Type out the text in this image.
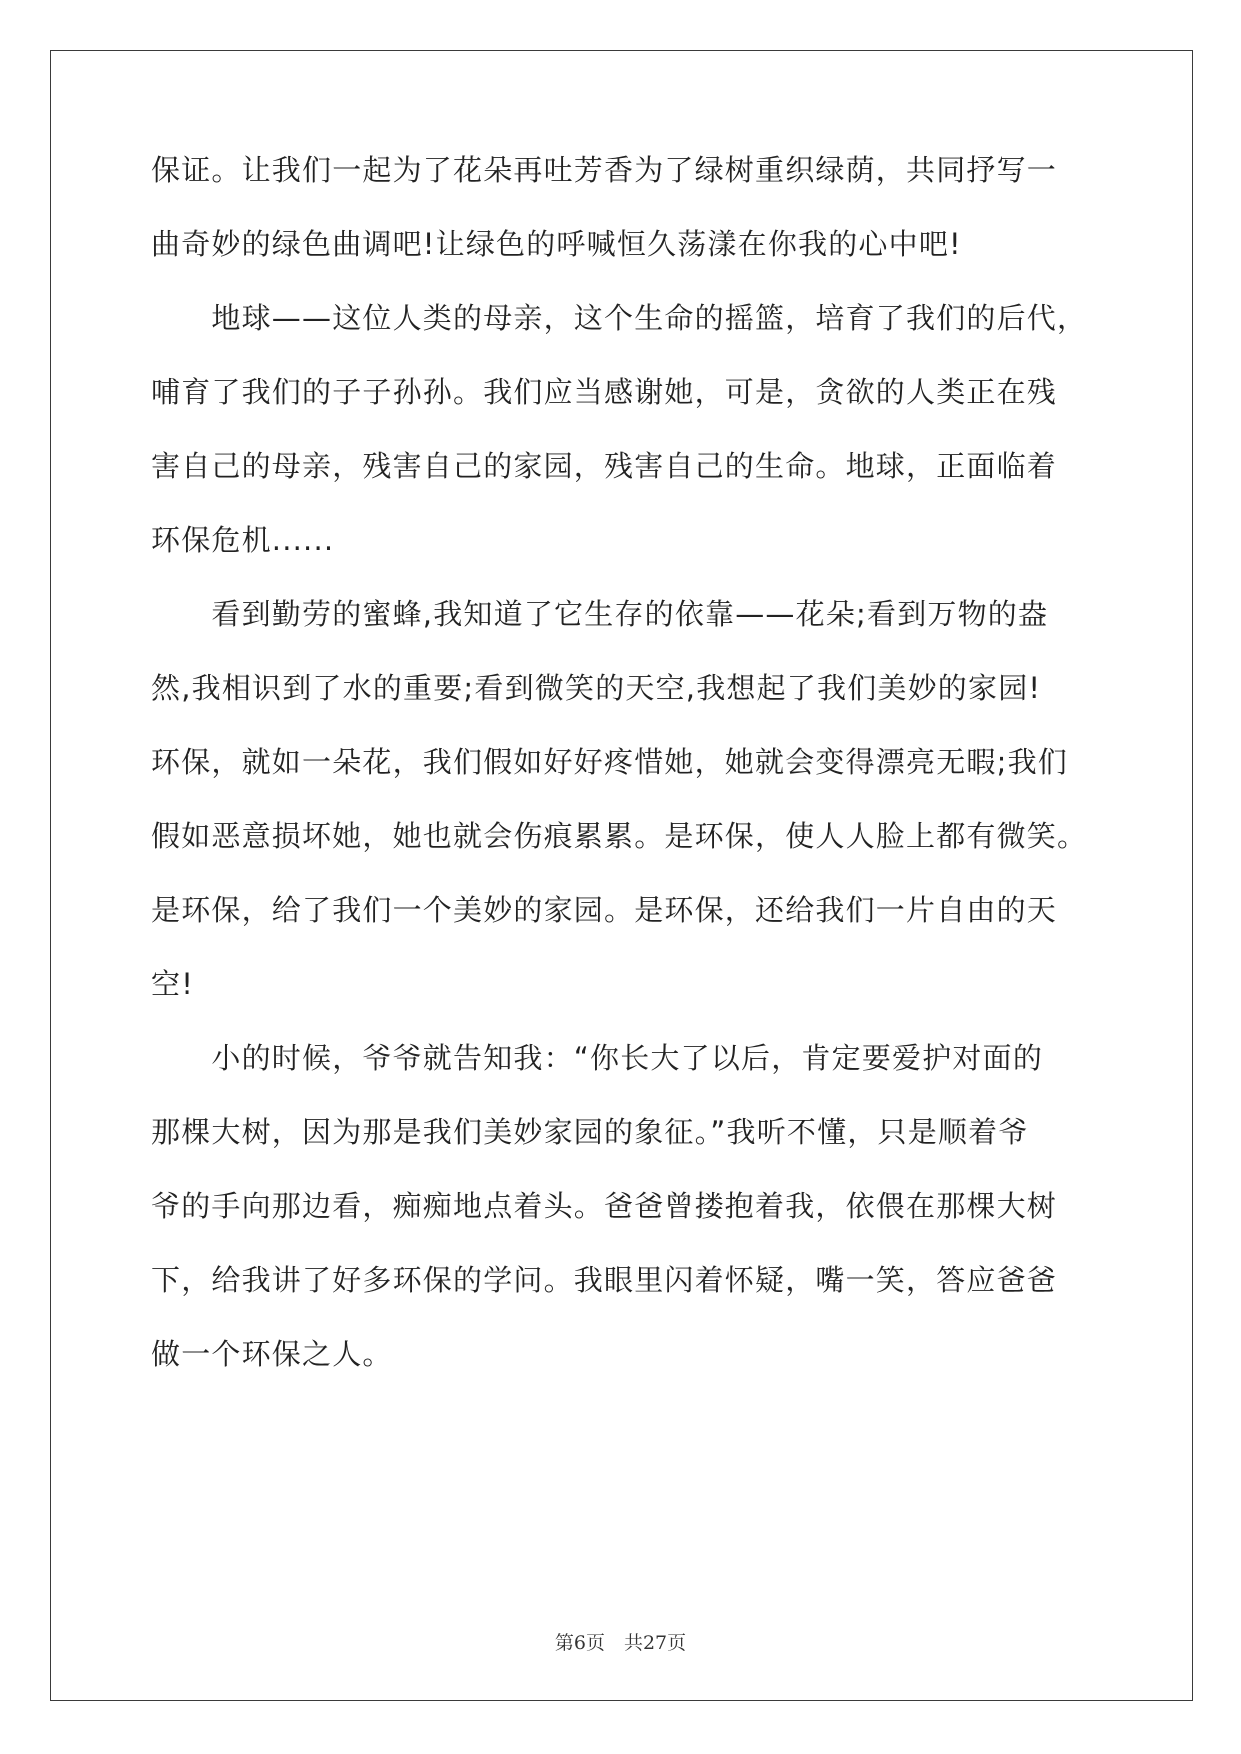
保证。让我们一起为了花朵再吐芳香为了绿树重织绿荫，共同抒写一

曲奇妙的绿色曲调吧!让绿色的呼喊恒久荡漾在你我的心中吧!

　　地球——这位人类的母亲，这个生命的摇篮，培育了我们的后代，

哺育了我们的子子孙孙。我们应当感谢她，可是，贪欲的人类正在残

害自己的母亲，残害自己的家园，残害自己的生命。地球，正面临着

环保危机......

　　看到勤劳的蜜蜂,我知道了它生存的依靠——花朵;看到万物的盎

然,我相识到了水的重要;看到微笑的天空,我想起了我们美妙的家园!

环保，就如一朵花，我们假如好好疼惜她，她就会变得漂亮无暇;我们

假如恶意损坏她，她也就会伤痕累累。是环保，使人人脸上都有微笑。

是环保，给了我们一个美妙的家园。是环保，还给我们一片自由的天

空!

　　小的时候，爷爷就告知我：“你长大了以后，肯定要爱护对面的

那棵大树，因为那是我们美妙家园的象征。”我听不懂，只是顺着爷

爷的手向那边看，痴痴地点着头。爸爸曾搂抱着我，依偎在那棵大树

下，给我讲了好多环保的学问。我眼里闪着怀疑，嘴一笑，答应爸爸

做一个环保之人。

第6页　共27页
